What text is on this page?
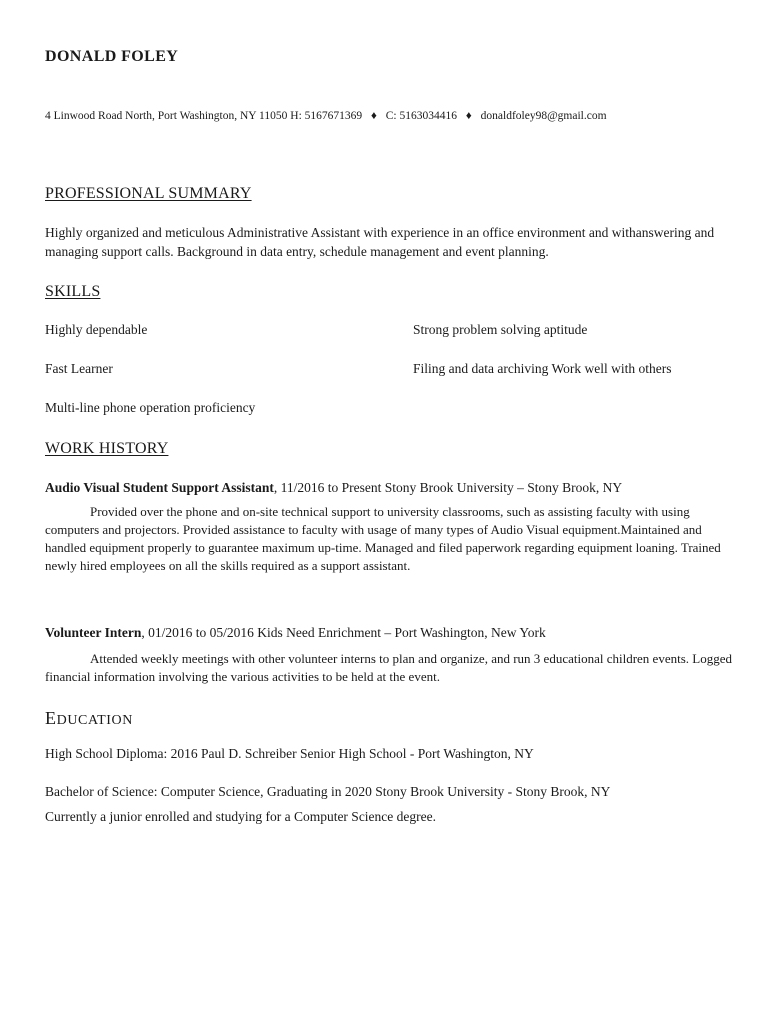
DONALD FOLEY
4 Linwood Road North, Port Washington, NY 11050 H: 5167671369 ♦ C: 5163034416 ♦ donaldfoley98@gmail.com
PROFESSIONAL SUMMARY
Highly organized and meticulous Administrative Assistant with experience in an office environment and withanswering and managing support calls. Background in data entry, schedule management and event planning.
SKILLS
Highly dependable	Strong problem solving aptitude
Fast Learner	Filing and data archiving Work well with others
Multi-line phone operation proficiency
WORK HISTORY
Audio Visual Student Support Assistant, 11/2016 to Present Stony Brook University – Stony Brook, NY
Provided over the phone and on-site technical support to university classrooms, such as assisting faculty with using computers and projectors. Provided assistance to faculty with usage of many types of Audio Visual equipment.Maintained and handled equipment properly to guarantee maximum up-time. Managed and filed paperwork regarding equipment loaning. Trained newly hired employees on all the skills required as a support assistant.
Volunteer Intern, 01/2016 to 05/2016 Kids Need Enrichment – Port Washington, New York
Attended weekly meetings with other volunteer interns to plan and organize, and run 3 educational children events. Logged financial information involving the various activities to be held at the event.
EDUCATION
High School Diploma: 2016 Paul D. Schreiber Senior High School - Port Washington, NY
Bachelor of Science: Computer Science, Graduating in 2020 Stony Brook University - Stony Brook, NY
Currently a junior enrolled and studying for a Computer Science degree.
